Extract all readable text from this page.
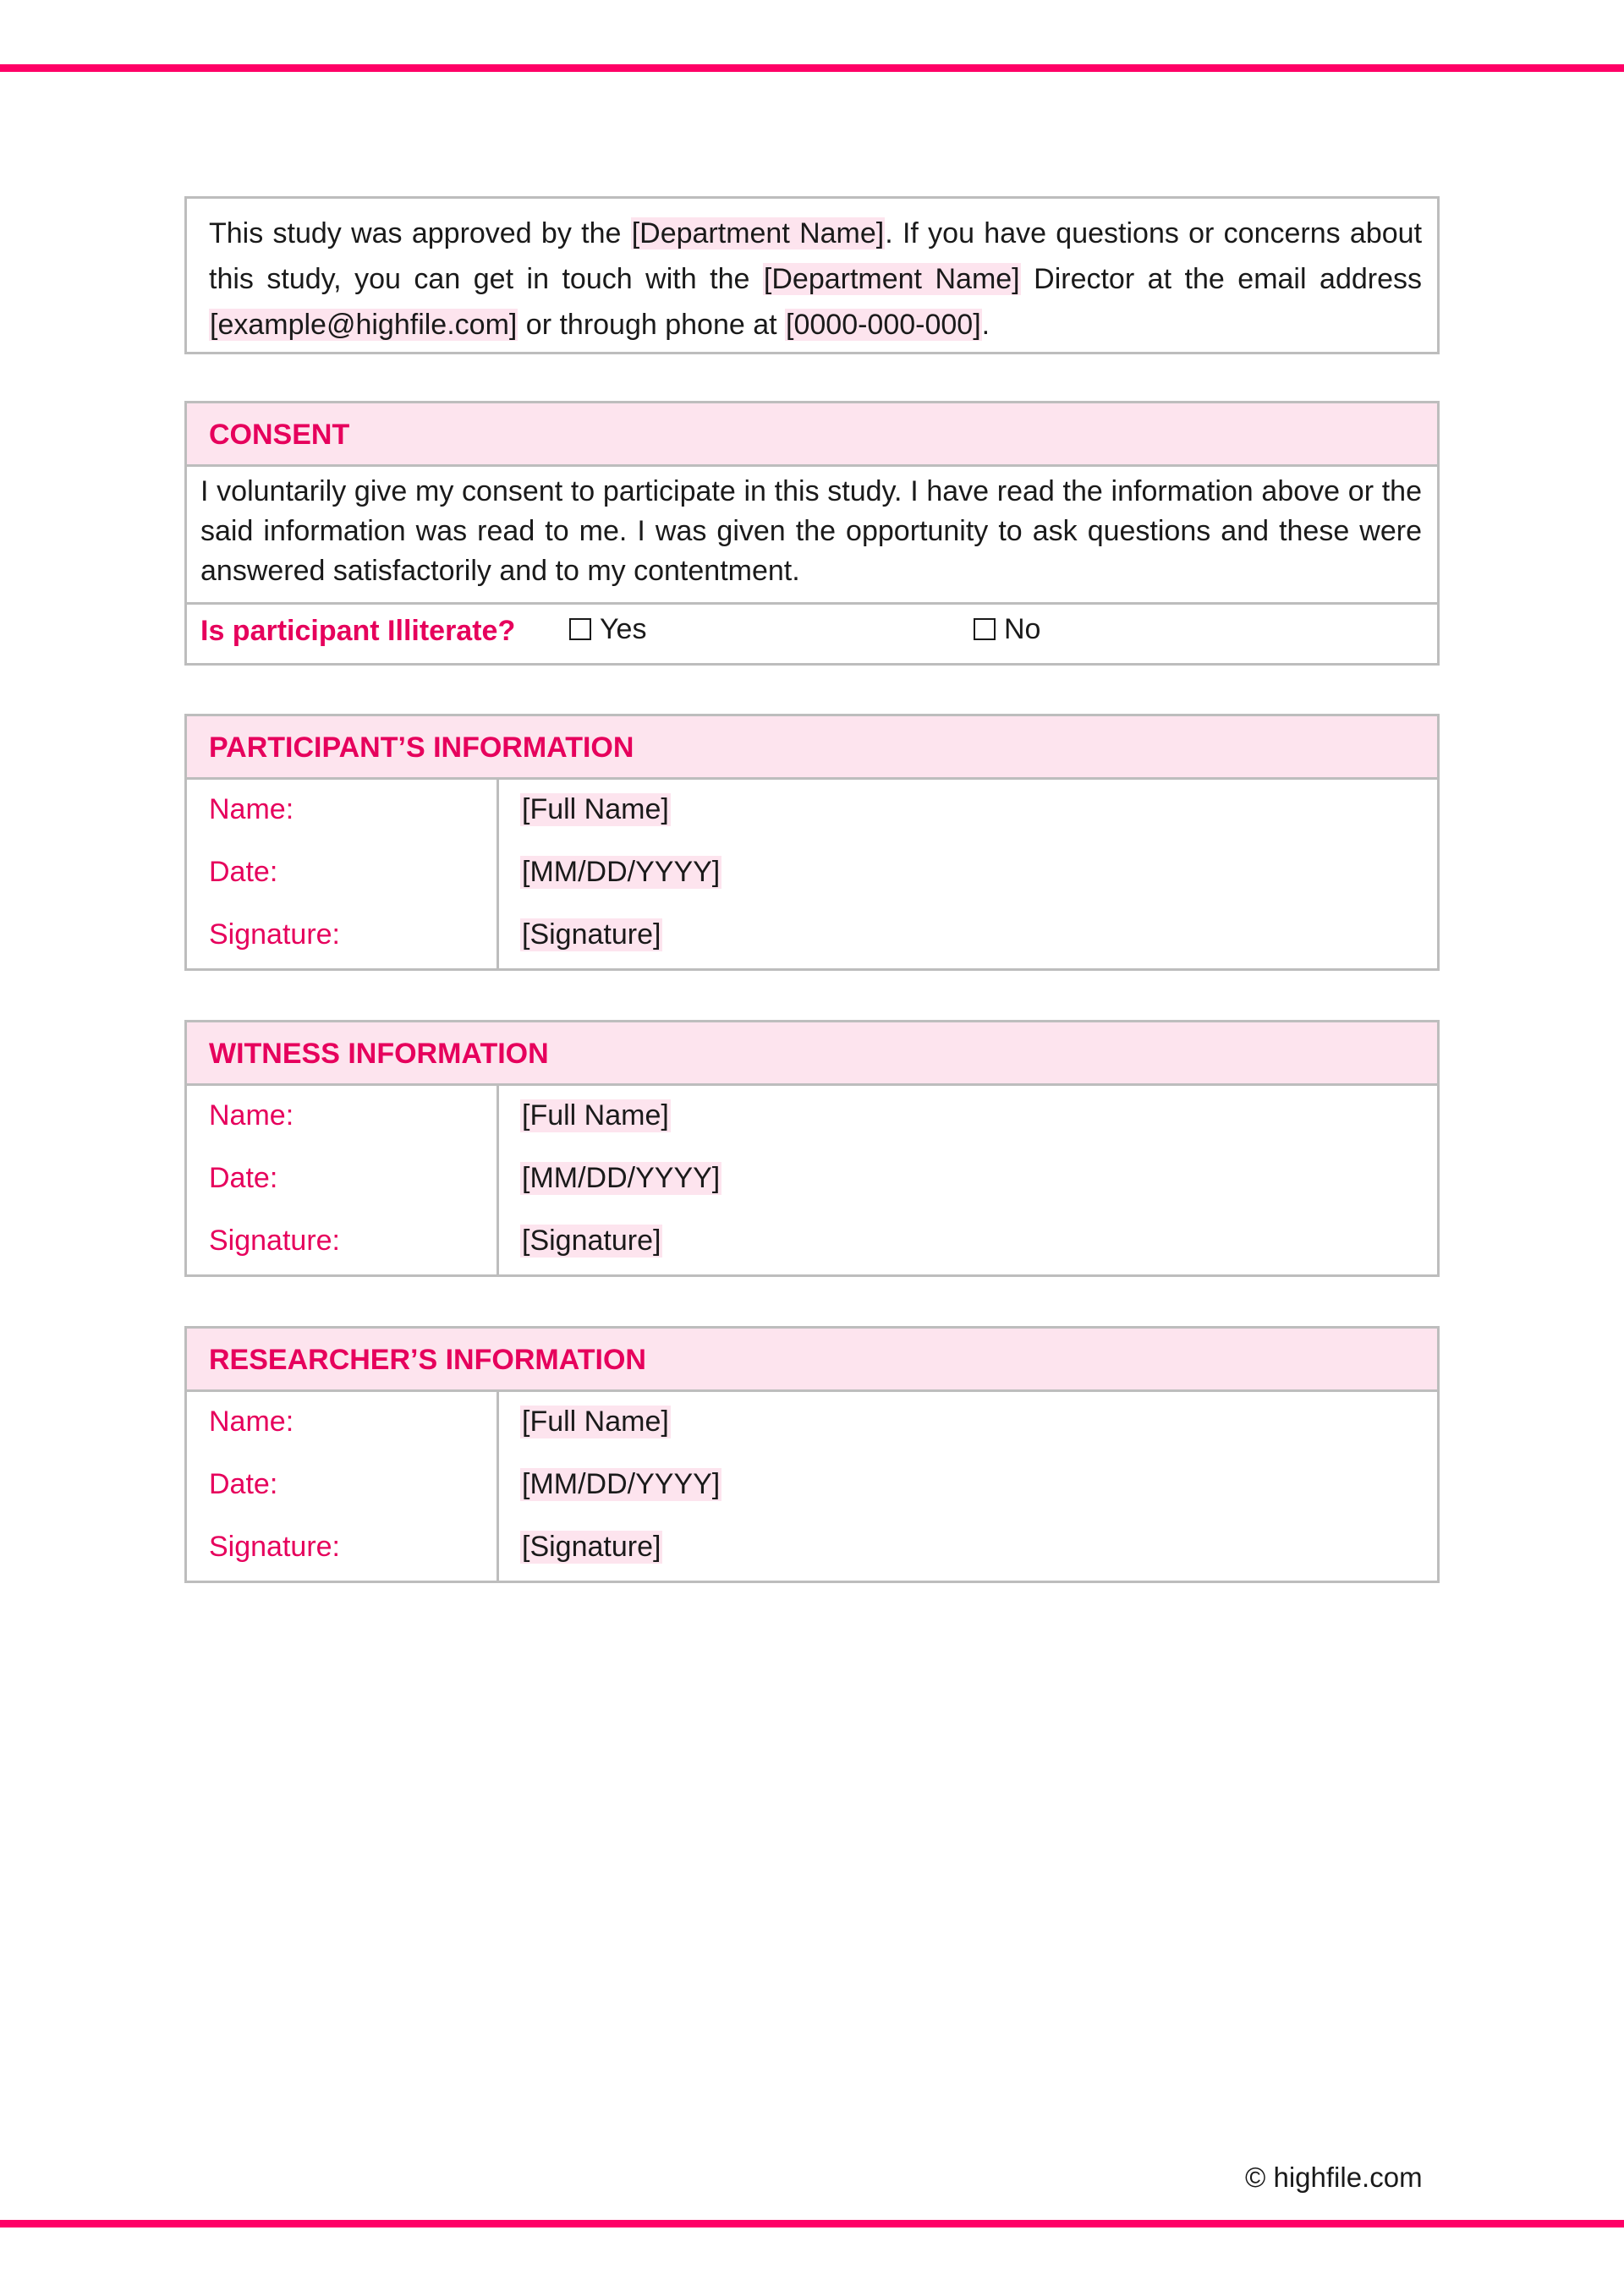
This study was approved by the [Department Name]. If you have questions or concerns about this study, you can get in touch with the [Department Name] Director at the email address [example@highfile.com] or through phone at [0000-000-000].
CONSENT
I voluntarily give my consent to participate in this study. I have read the information above or the said information was read to me. I was given the opportunity to ask questions and these were answered satisfactorily and to my contentment.
Is participant Illiterate?	Yes	No
PARTICIPANT’S INFORMATION
Name:	[Full Name]
Date:	[MM/DD/YYYY]
Signature:	[Signature]
WITNESS INFORMATION
Name:	[Full Name]
Date:	[MM/DD/YYYY]
Signature:	[Signature]
RESEARCHER’S INFORMATION
Name:	[Full Name]
Date:	[MM/DD/YYYY]
Signature:	[Signature]
© highfile.com
